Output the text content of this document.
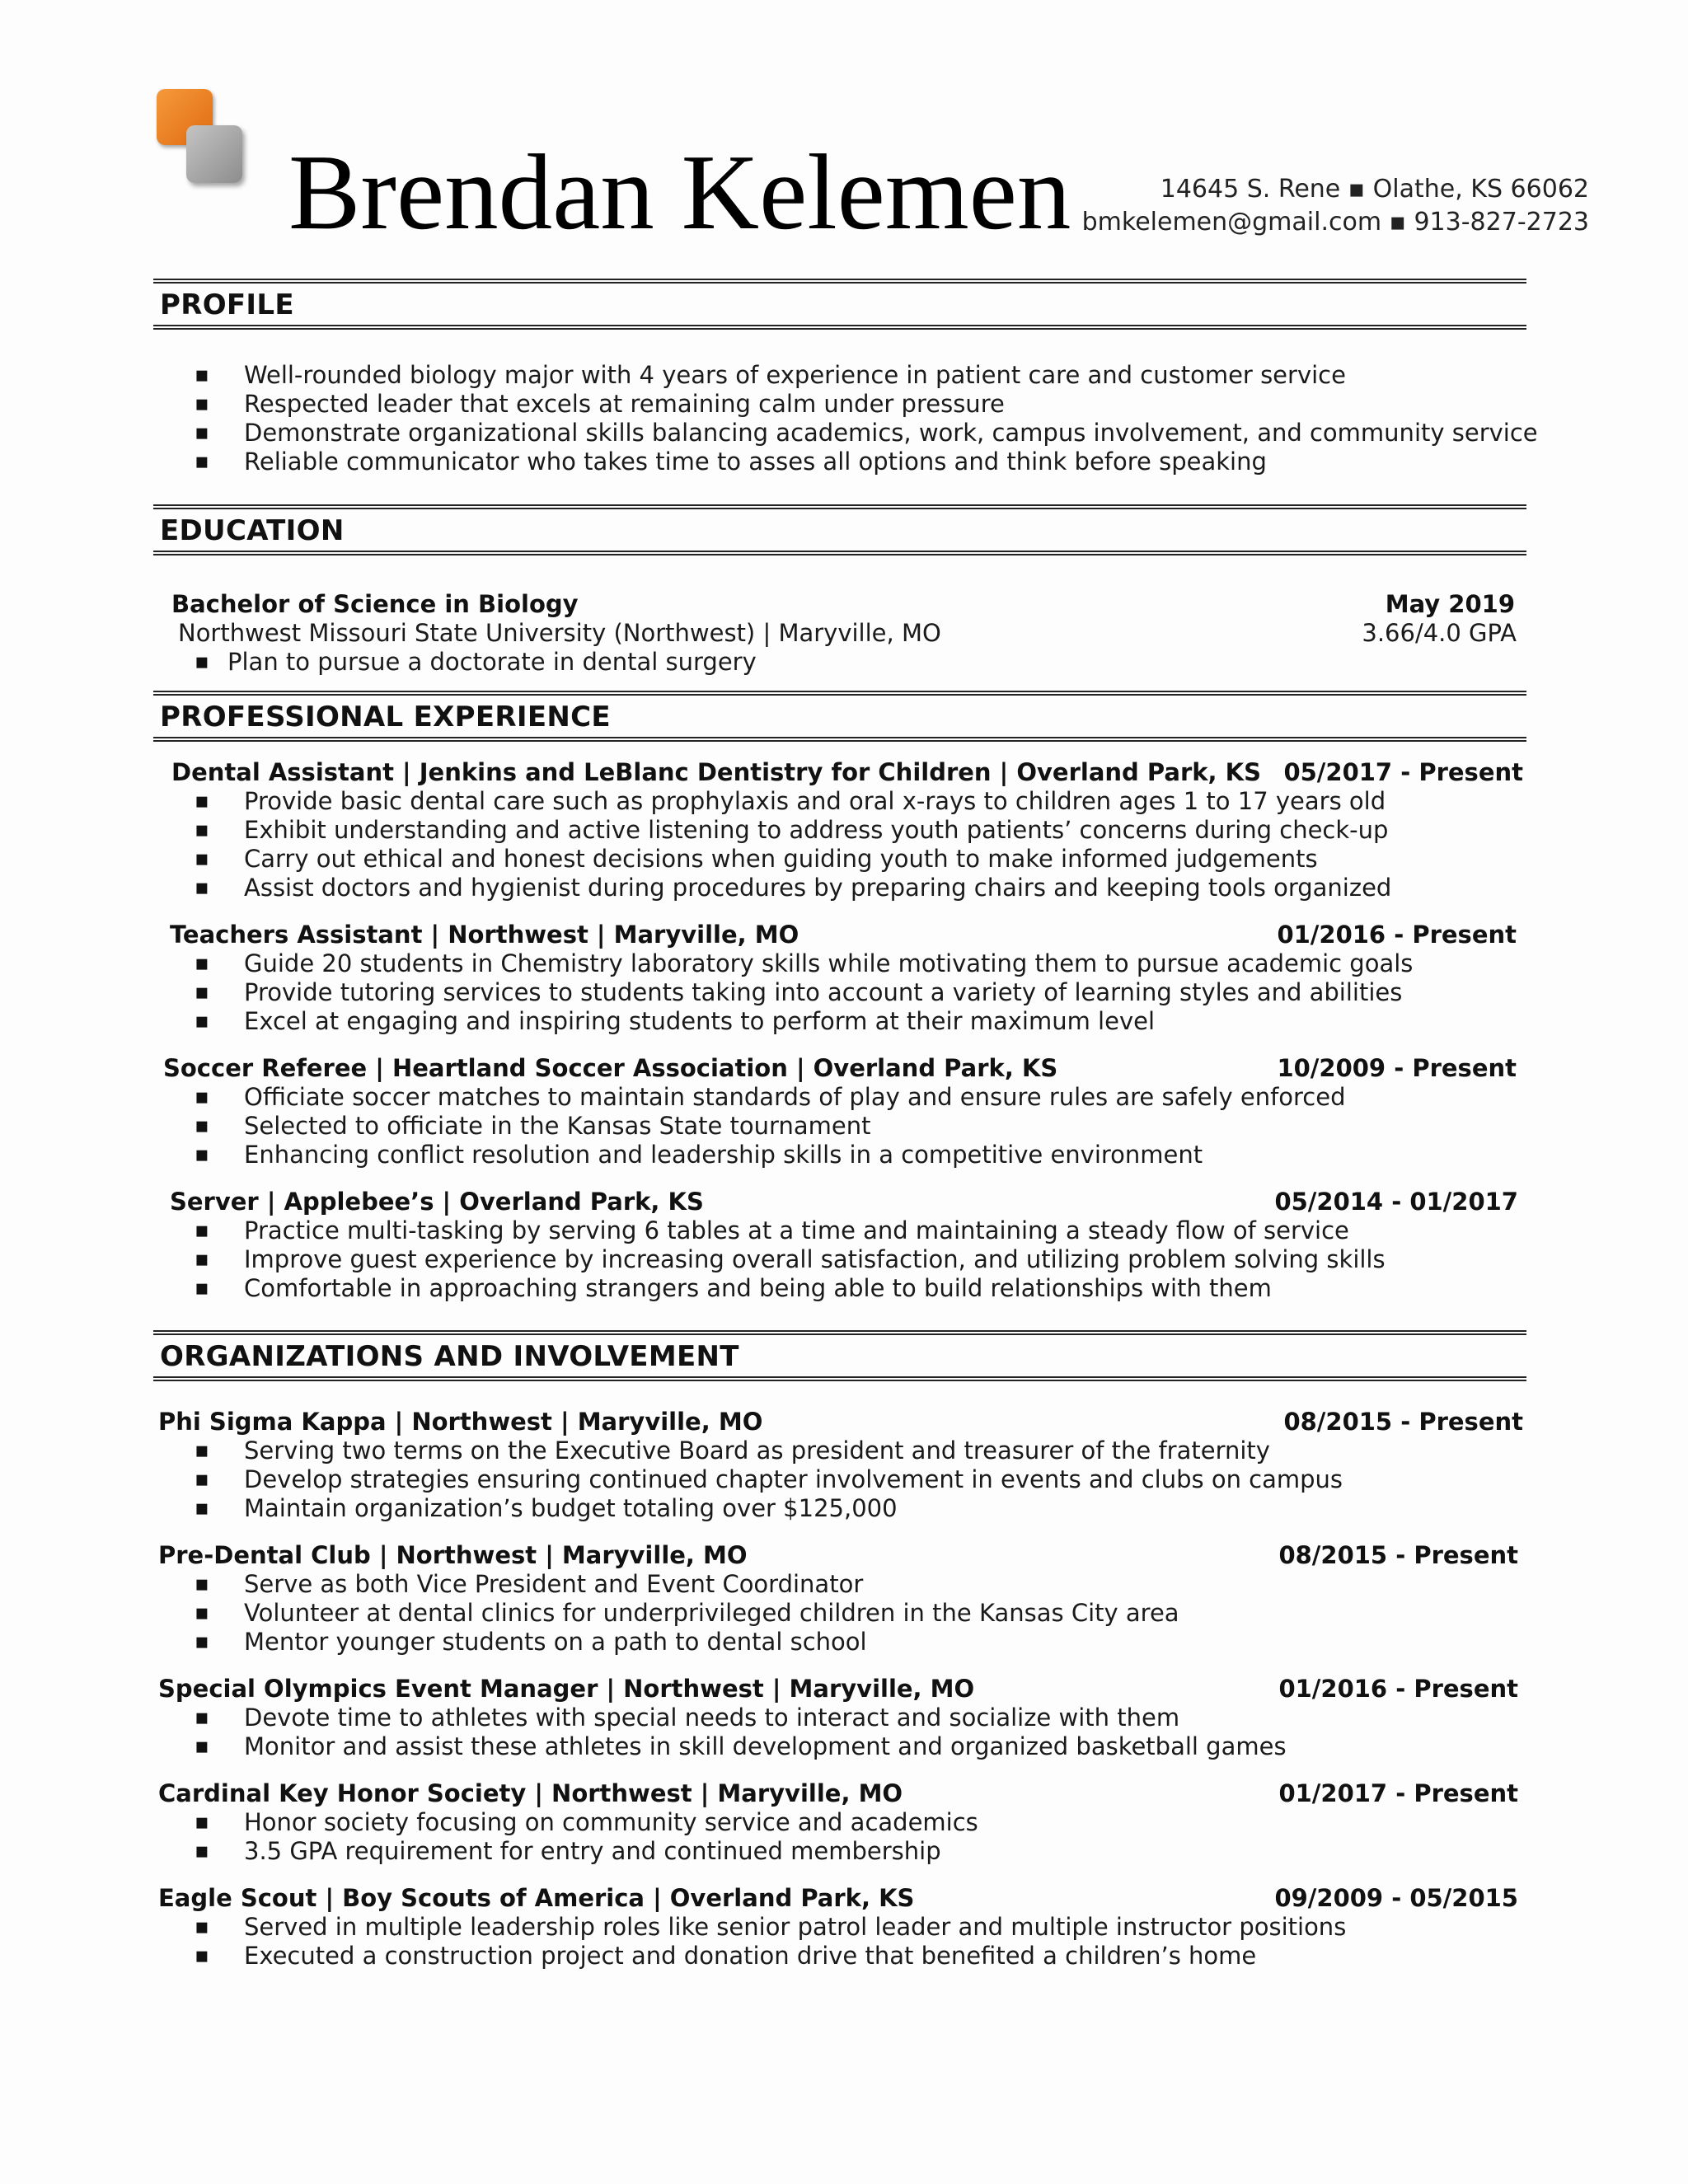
Brendan Kelemen	14645 S. Rene ▪ Olathe, KS 66062
bmkelemen@gmail.com ▪ 913-827-2723
PROFILE
▪ Well-rounded biology major with 4 years of experience in patient care and customer service
▪ Respected leader that excels at remaining calm under pressure
▪ Demonstrate organizational skills balancing academics, work, campus involvement, and community service
▪ Reliable communicator who takes time to asses all options and think before speaking
EDUCATION
Bachelor of Science in Biology	May 2019
Northwest Missouri State University (Northwest) | Maryville, MO	3.66/4.0 GPA
▪ Plan to pursue a doctorate in dental surgery
PROFESSIONAL EXPERIENCE
Dental Assistant | Jenkins and LeBlanc Dentistry for Children | Overland Park, KS 05/2017 - Present
▪ Provide basic dental care such as prophylaxis and oral x-rays to children ages 1 to 17 years old
▪ Exhibit understanding and active listening to address youth patients’ concerns during check-up
▪ Carry out ethical and honest decisions when guiding youth to make informed judgements
▪ Assist doctors and hygienist during procedures by preparing chairs and keeping tools organized
Teachers Assistant | Northwest | Maryville, MO	01/2016 - Present
▪ Guide 20 students in Chemistry laboratory skills while motivating them to pursue academic goals
▪ Provide tutoring services to students taking into account a variety of learning styles and abilities
▪ Excel at engaging and inspiring students to perform at their maximum level
Soccer Referee | Heartland Soccer Association | Overland Park, KS	10/2009 - Present
▪ Officiate soccer matches to maintain standards of play and ensure rules are safely enforced
▪ Selected to officiate in the Kansas State tournament
▪ Enhancing conflict resolution and leadership skills in a competitive environment
Server | Applebee’s | Overland Park, KS	05/2014 - 01/2017
▪ Practice multi-tasking by serving 6 tables at a time and maintaining a steady flow of service
▪ Improve guest experience by increasing overall satisfaction, and utilizing problem solving skills
▪ Comfortable in approaching strangers and being able to build relationships with them
ORGANIZATIONS AND INVOLVEMENT
Phi Sigma Kappa | Northwest | Maryville, MO	08/2015 - Present
▪ Serving two terms on the Executive Board as president and treasurer of the fraternity
▪ Develop strategies ensuring continued chapter involvement in events and clubs on campus
▪ Maintain organization’s budget totaling over $125,000
Pre-Dental Club | Northwest | Maryville, MO	08/2015 - Present
▪ Serve as both Vice President and Event Coordinator
▪ Volunteer at dental clinics for underprivileged children in the Kansas City area
▪ Mentor younger students on a path to dental school
Special Olympics Event Manager | Northwest | Maryville, MO	01/2016 - Present
▪ Devote time to athletes with special needs to interact and socialize with them
▪ Monitor and assist these athletes in skill development and organized basketball games
Cardinal Key Honor Society | Northwest | Maryville, MO	01/2017 - Present
▪ Honor society focusing on community service and academics
▪ 3.5 GPA requirement for entry and continued membership
Eagle Scout | Boy Scouts of America | Overland Park, KS	09/2009 - 05/2015
▪ Served in multiple leadership roles like senior patrol leader and multiple instructor positions
▪ Executed a construction project and donation drive that benefited a children’s home
